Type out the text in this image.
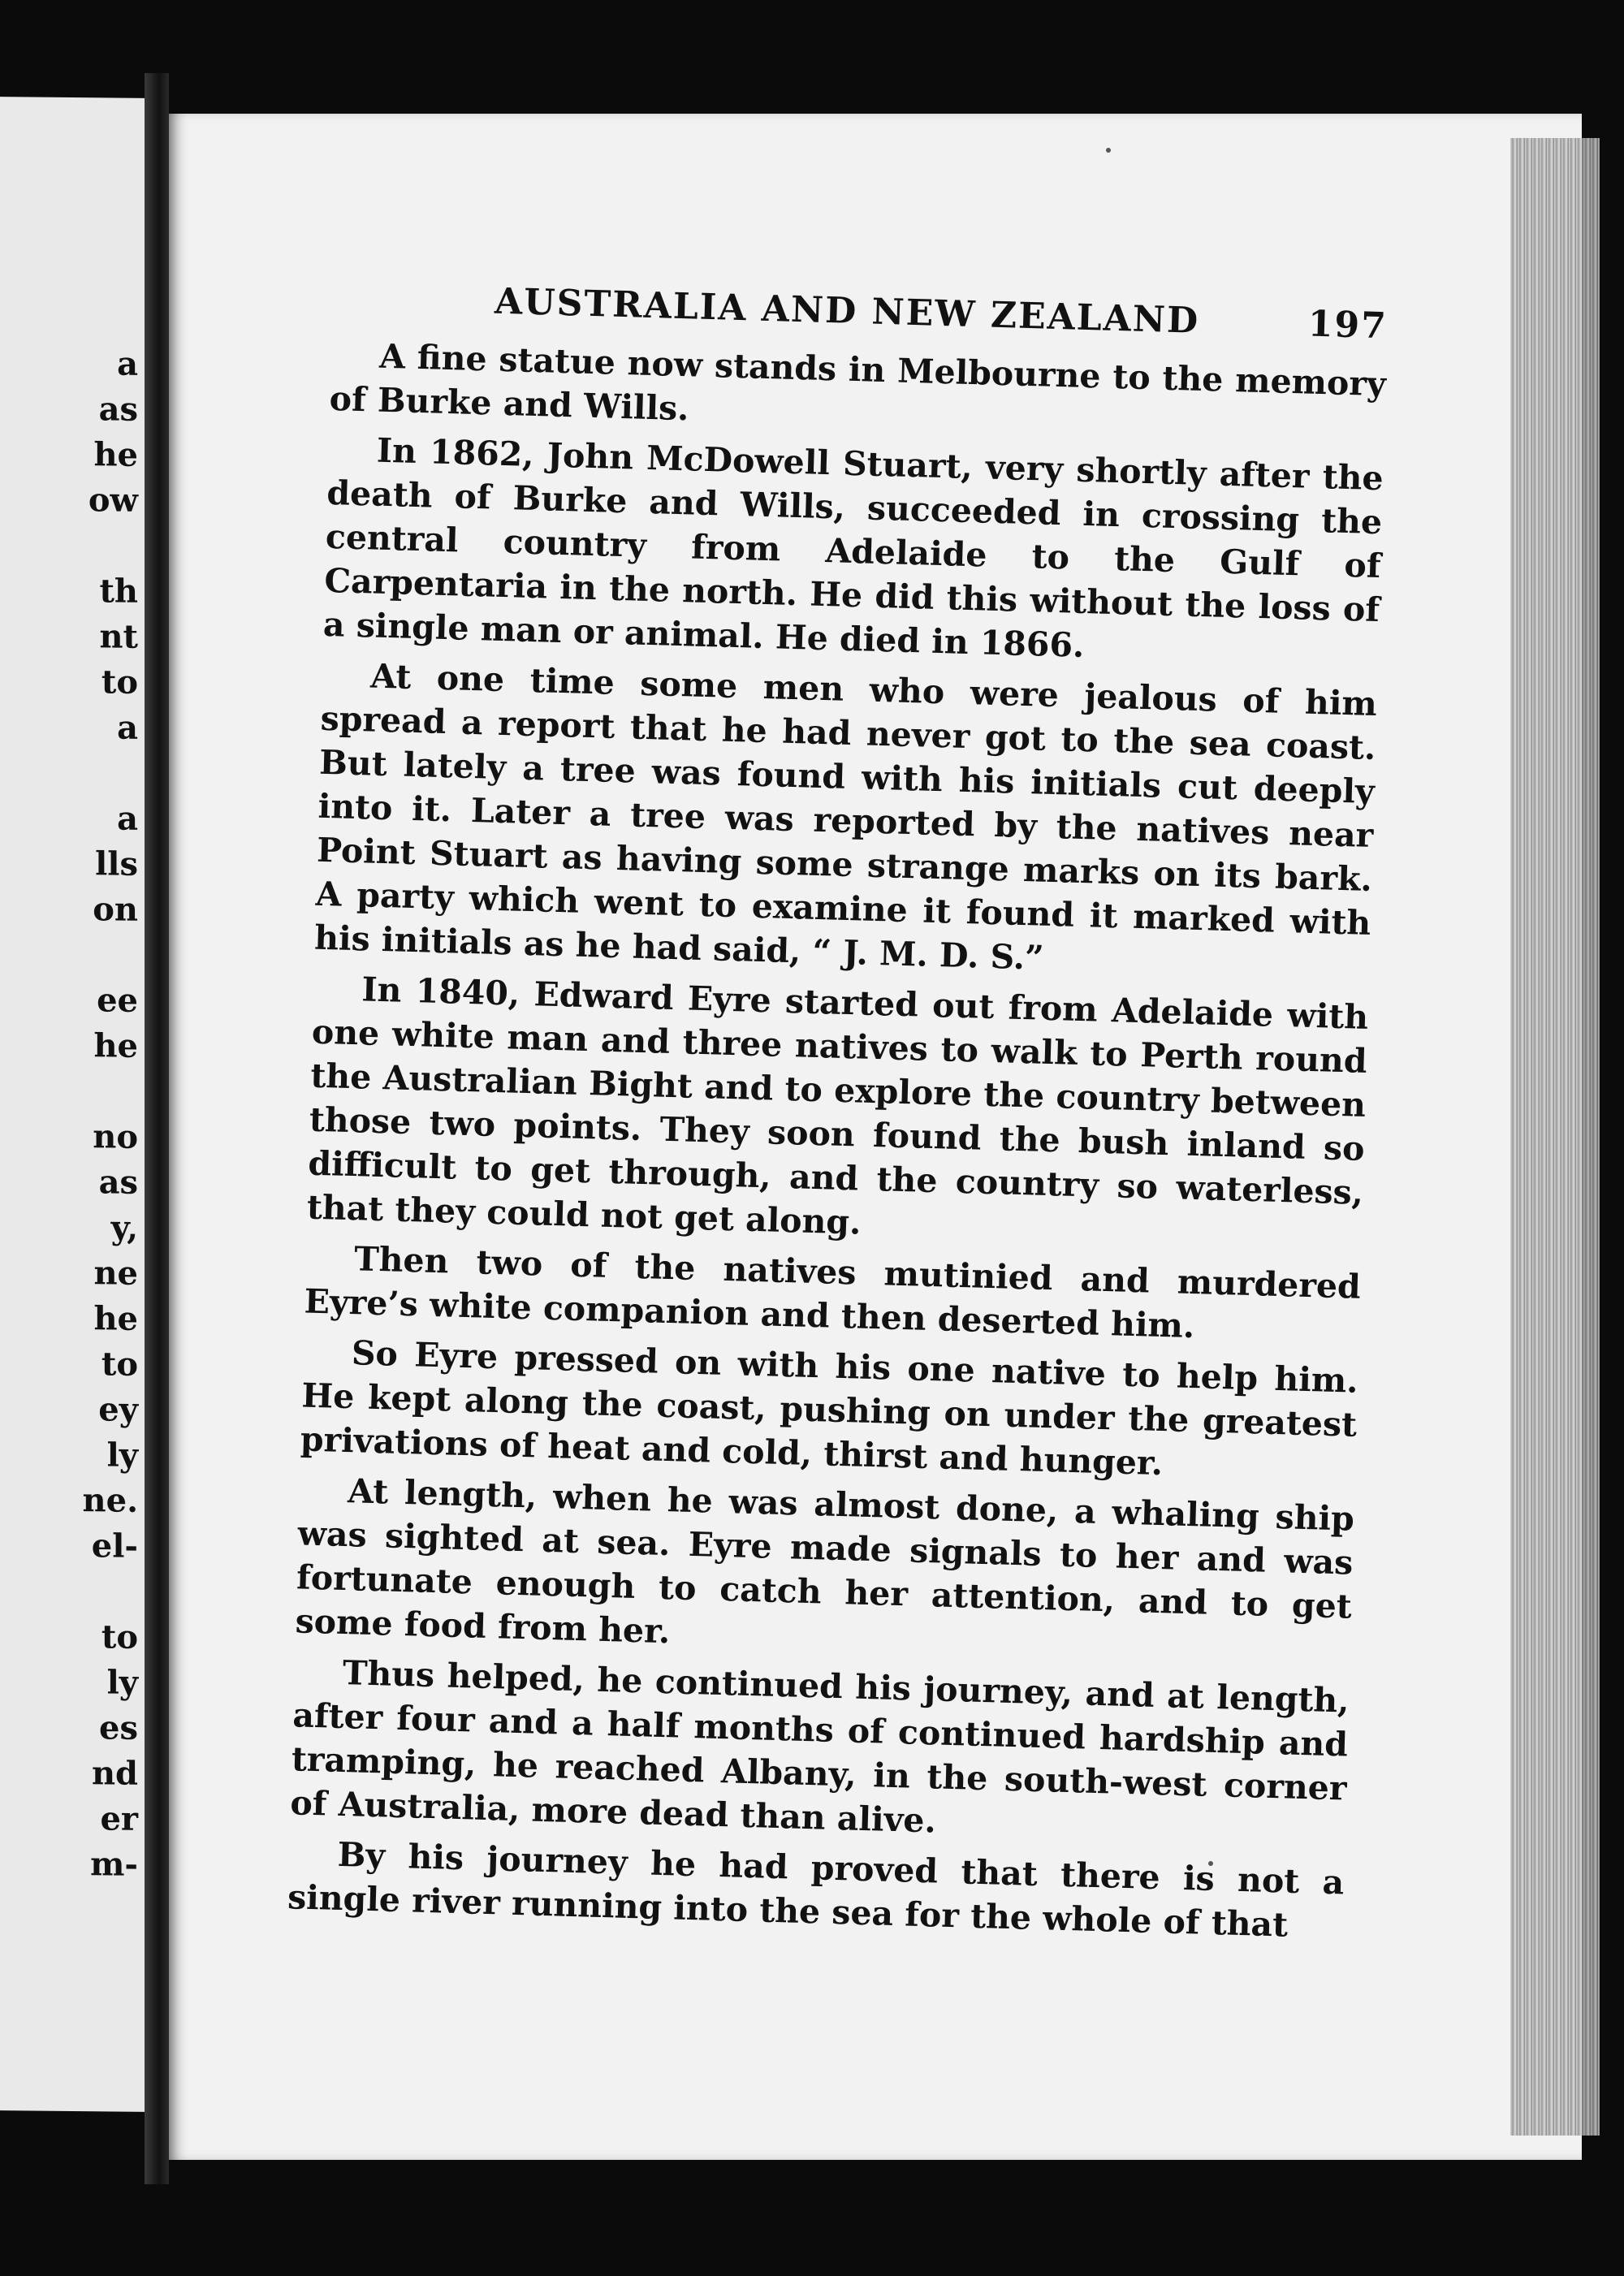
a
as
he
ow
th
nt
to
a
a
lls
on
ee
he
no
as
y,
ne
he
to
ey
ly
ne.
el-
to
ly
es
nd
er
m-
AUSTRALIA AND NEW ZEALAND	197

A fine statue now stands in Melbourne to the memory of Burke and Wills.

In 1862, John McDowell Stuart, very shortly after the death of Burke and Wills, succeeded in crossing the central country from Adelaide to the Gulf of Carpentaria in the north. He did this without the loss of a single man or animal. He died in 1866.

At one time some men who were jealous of him spread a report that he had never got to the sea coast. But lately a tree was found with his initials cut deeply into it. Later a tree was reported by the natives near Point Stuart as having some strange marks on its bark. A party which went to examine it found it marked with his initials as he had said, “ J. M. D. S.”

In 1840, Edward Eyre started out from Adelaide with one white man and three natives to walk to Perth round the Australian Bight and to explore the country between those two points. They soon found the bush inland so difficult to get through, and the country so waterless, that they could not get along.

Then two of the natives mutinied and murdered Eyre’s white companion and then deserted him.

So Eyre pressed on with his one native to help him. He kept along the coast, pushing on under the greatest privations of heat and cold, thirst and hunger.

At length, when he was almost done, a whaling ship was sighted at sea. Eyre made signals to her and was fortunate enough to catch her attention, and to get some food from her.

Thus helped, he continued his journey, and at length, after four and a half months of continued hardship and tramping, he reached Albany, in the south-west corner of Australia, more dead than alive.

By his journey he had proved that there is not a single river running into the sea for the whole of that
